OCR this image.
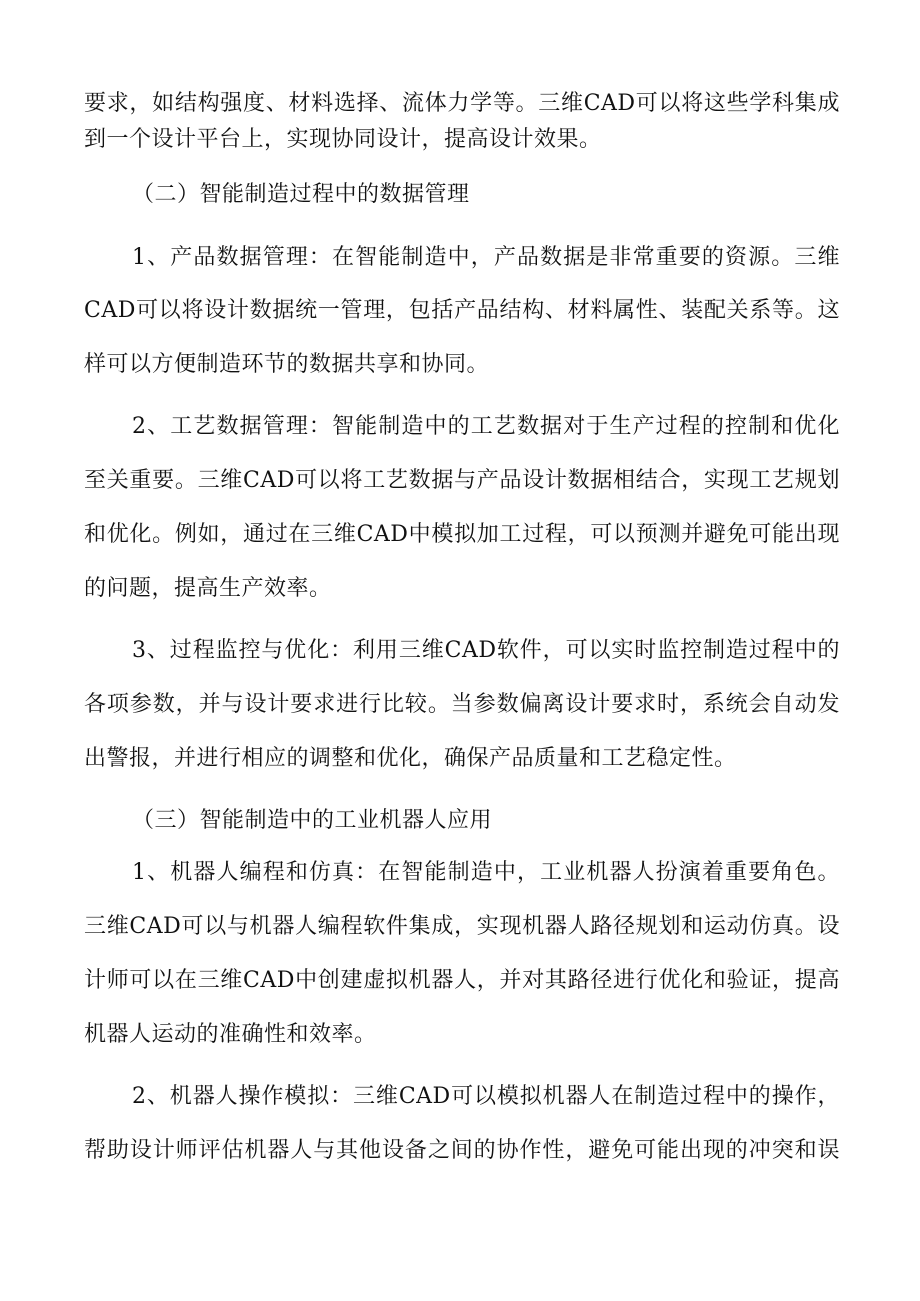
要求，如结构强度、材料选择、流体力学等。三维CAD可以将这些学科集成
到一个设计平台上，实现协同设计，提高设计效果。
（二）智能制造过程中的数据管理
1、产品数据管理：在智能制造中，产品数据是非常重要的资源。三维
CAD可以将设计数据统一管理，包括产品结构、材料属性、装配关系等。这
样可以方便制造环节的数据共享和协同。
2、工艺数据管理：智能制造中的工艺数据对于生产过程的控制和优化
至关重要。三维CAD可以将工艺数据与产品设计数据相结合，实现工艺规划
和优化。例如，通过在三维CAD中模拟加工过程，可以预测并避免可能出现
的问题，提高生产效率。
3、过程监控与优化：利用三维CAD软件，可以实时监控制造过程中的
各项参数，并与设计要求进行比较。当参数偏离设计要求时，系统会自动发
出警报，并进行相应的调整和优化，确保产品质量和工艺稳定性。
（三）智能制造中的工业机器人应用
1、机器人编程和仿真：在智能制造中，工业机器人扮演着重要角色。
三维CAD可以与机器人编程软件集成，实现机器人路径规划和运动仿真。设
计师可以在三维CAD中创建虚拟机器人，并对其路径进行优化和验证，提高
机器人运动的准确性和效率。
2、机器人操作模拟：三维CAD可以模拟机器人在制造过程中的操作，
帮助设计师评估机器人与其他设备之间的协作性，避免可能出现的冲突和误
